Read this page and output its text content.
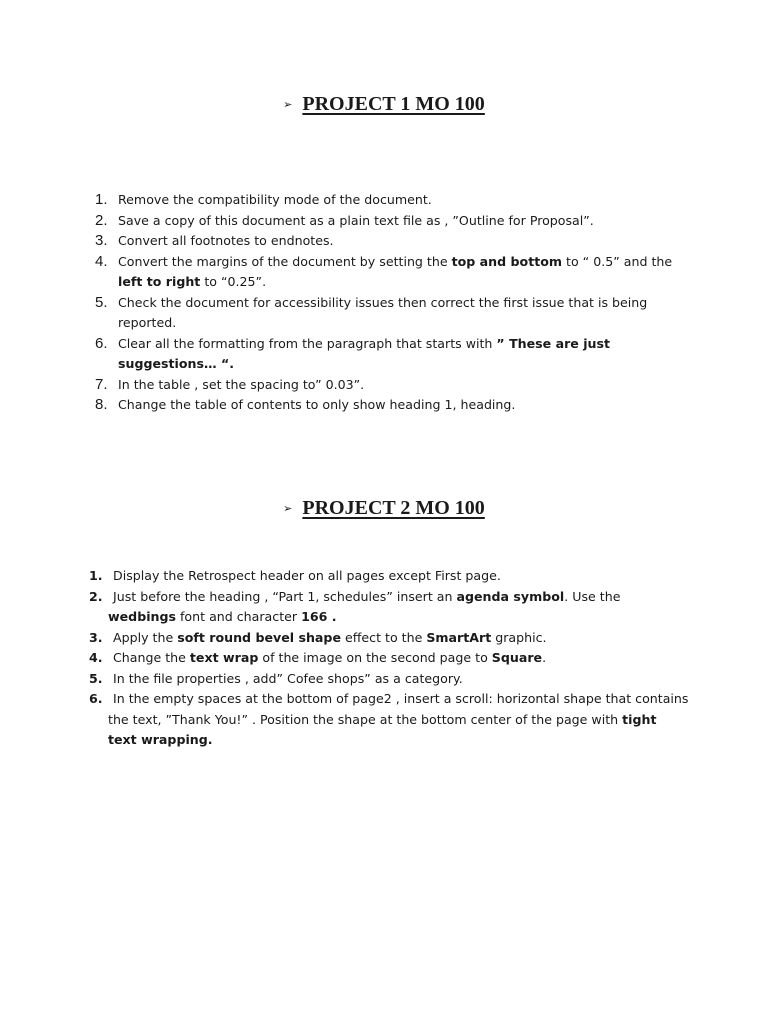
➢ PROJECT 1 MO 100
1. Remove the compatibility mode of the document.
2. Save a copy of this document as a plain text file as , ”Outline for Proposal”.
3. Convert all footnotes to endnotes.
4. Convert the margins of the document by setting the top and bottom to “ 0.5” and the left to right to “0.25”.
5. Check the document for accessibility issues then correct the first issue that is being reported.
6. Clear all the formatting from the paragraph that starts with ” These are just suggestions… “.
7. In the table , set the spacing to” 0.03”.
8. Change the table of contents to only show heading 1, heading.
➢ PROJECT 2 MO 100
1. Display the Retrospect header on all pages except First page.
2. Just before the heading , “Part 1, schedules” insert an agenda symbol. Use the wedbings font and character 166 .
3. Apply the soft round bevel shape effect to the SmartArt graphic.
4. Change the text wrap of the image on the second page to Square.
5. In the file properties , add” Cofee shops” as a category.
6. In the empty spaces at the bottom of page2 , insert a scroll: horizontal shape that contains the text, ”Thank You!” . Position the shape at the bottom center of the page with tight text wrapping.
